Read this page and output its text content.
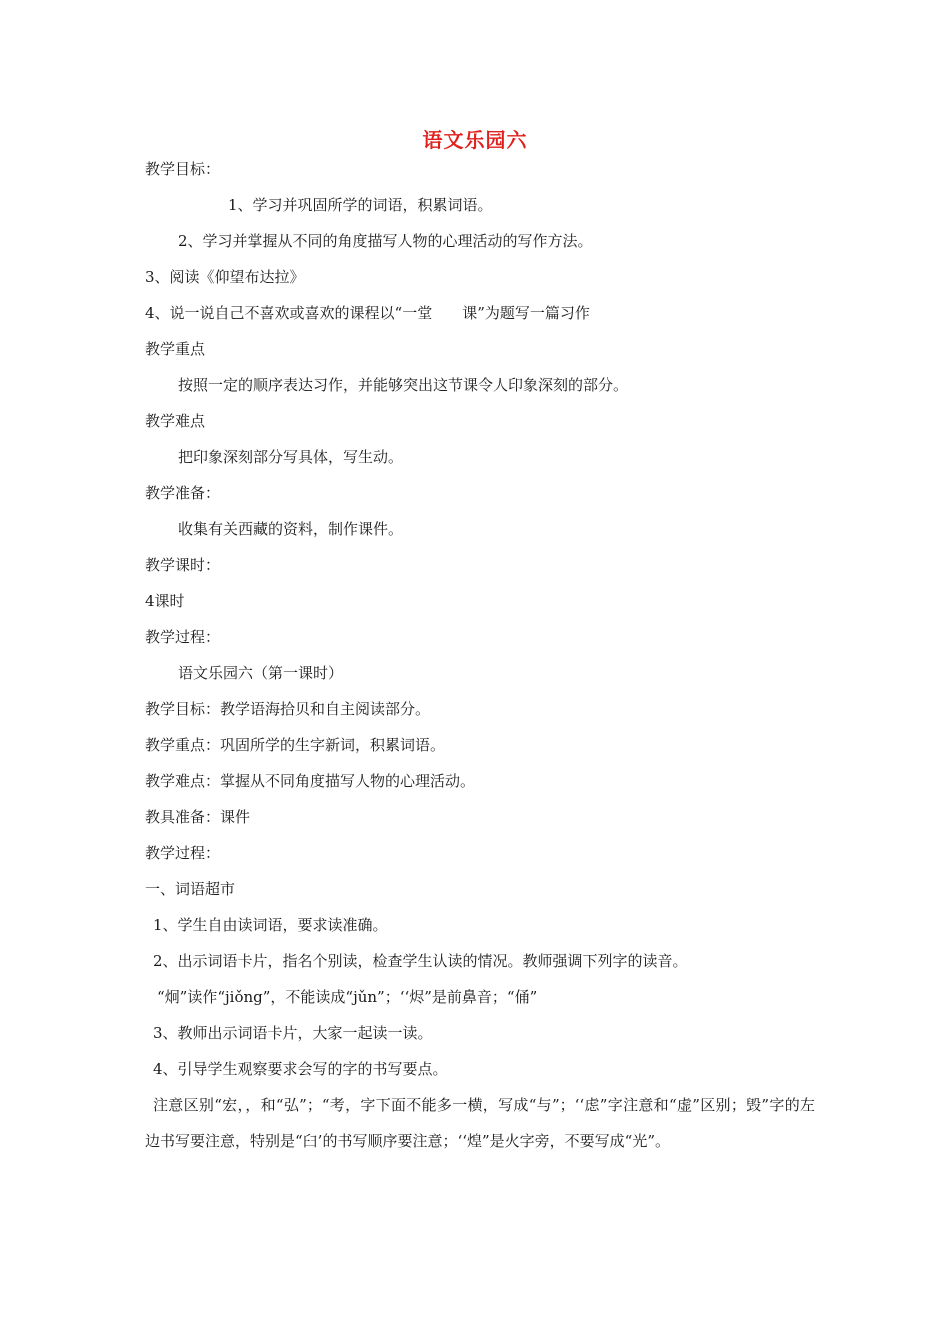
语文乐园六
教学目标：
1、学习并巩固所学的词语，积累词语。
2、学习并掌握从不同的角度描写人物的心理活动的写作方法。
3、阅读《仰望布达拉》
4、说一说自己不喜欢或喜欢的课程以“一堂　　课”为题写一篇习作
教学重点
按照一定的顺序表达习作，并能够突出这节课令人印象深刻的部分。
教学难点
把印象深刻部分写具体，写生动。
教学准备：
收集有关西藏的资料，制作课件。
教学课时：
4课时
教学过程：
语文乐园六（第一课时）
教学目标：教学语海拾贝和自主阅读部分。
教学重点：巩固所学的生字新词，积累词语。
教学难点：掌握从不同角度描写人物的心理活动。
教具准备：课件
教学过程：
一、词语超市
1、学生自由读词语，要求读准确。
2、出示词语卡片，指名个别读，检查学生认读的情况。教师强调下列字的读音。
“炯”读作“jiǒng”，不能读成“jǔn”；‘‘烬”是前鼻音；“俑”
3、教师出示词语卡片，大家一起读一读。
4、引导学生观察要求会写的字的书写要点。
注意区别“宏，，和“弘”；“考，字下面不能多一横，写成“与”；‘‘虑”字注意和“虚”区别；毁”字的左边书写要注意，特别是“臼’的书写顺序要注意；‘‘煌”是火字旁，不要写成“光”。
